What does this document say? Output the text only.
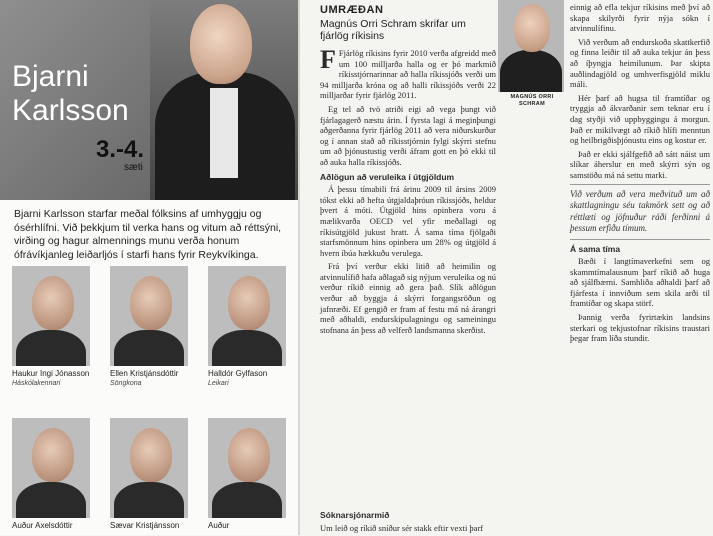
Bjarni
Karlsson
3.-4.
sæti
Bjarni Karlsson starfar meðal fólksins af umhyggju og ósérhlífni. Við þekkjum til verka hans og vitum að réttsýni, virðing og hagur almennings munu verða honum ófrávíkjanleg leiðarljós í starfi hans fyrir Reykvíkinga.
Haukur Ingi Jónasson
Háskólakennari
Ellen Kristjánsdóttir
Söngkona
Halldór Gylfason
Leikari
Auður Axelsdóttir	Sævar Kristjánsson	Auður
UMRÆÐAN
Magnús Orri Schram skrifar um fjárlög ríkisins
MAGNÚS ORRI SCHRAM

F Fjárlög ríkisins fyrir 2010 verða afgreidd með um 100 milljarða halla og er þó markmið ríkisstjórnarinnar að halla ríkissjóðs verði um 94 milljarða króna og að halli ríkissjóðs verði 22 milljarðar fyrir fjárlög 2011.

Eg tel að tvö atriði eigi að vega þungt við fjárlagagerð næstu árin. Í fyrsta lagi á meginþungi aðgerðanna fyrir fjárlög 2011 að vera niðurskurður og í annan stað að ríkisstjórnin fylgi skýrri stefnu um að þjónustustig verði áfram gott en þó ekki til að auka halla ríkissjóðs.

Aðlögun að veruleika í útgjöldum

Á þessu tímabili frá árinu 2009 til ársins 2009 tókst ekki að hefta útgjaldaþróun ríkissjóðs, heldur þvert á móti. Útgjöld hins opinbera voru á mælikvarða OECD vel yfir meðallagi og ríkisútgjöld jukust hratt. Á sama tíma fjölgaði starfsmönnum hins opinbera um 28% og útgjöld á hvern íbúa hækkuðu verulega.

Frá því verður ekki litið að heimilin og atvinnulífið hafa aðlagað sig nýjum veruleika og nú verður ríkið einnig að gera það. Slík aðlögun verður að byggja á skýrri forgangsröðun og jafnræði. Ef gengið er fram af festu má ná árangri með aðhaldi, endurskipulagningu og sameiningu stofnana án þess að velferð landsmanna skerðist.

Sóknarsjónarmið

Um leið og ríkið sníður sér stakk eftir vexti þarf

einnig að efla tekjur ríkisins með því að skapa skilyrði fyrir nýja sókn í atvinnulífinu.

Við verðum að endurskoða skattkerfið og finna leiðir til að auka tekjur án þess að íþyngja heimilunum. Þar skipta auðlindagjöld og umhverfisgjöld miklu máli.

Hér þarf að hugsa til framtíðar og tryggja að ákvarðanir sem teknar eru í dag styðji við uppbyggingu á morgun. Það er mikilvægt að ríkið hlífi menntun og heilbrigðisþjónustu eins og kostur er.

Það er ekki sjálfgefið að sátt náist um slíkar áherslur en með skýrri sýn og samstöðu má ná settu marki.

Við verðum að vera meðvituð um að skattlagningu séu takmörk sett og að réttlæti og jöfnuður ráði ferðinni á þessum erfiðu tímum.
Á sama tíma

Bæði í langtímaverkefni sem og skammtímalausnum þarf ríkið að huga að sjálfbærni. Samhliða aðhaldi þarf að fjárfesta í innviðum sem skila arði til framtíðar og skapa störf.

Þannig verða fyrirtækin landsins sterkari og tekjustofnar ríkisins traustari þegar fram líða stundir.
